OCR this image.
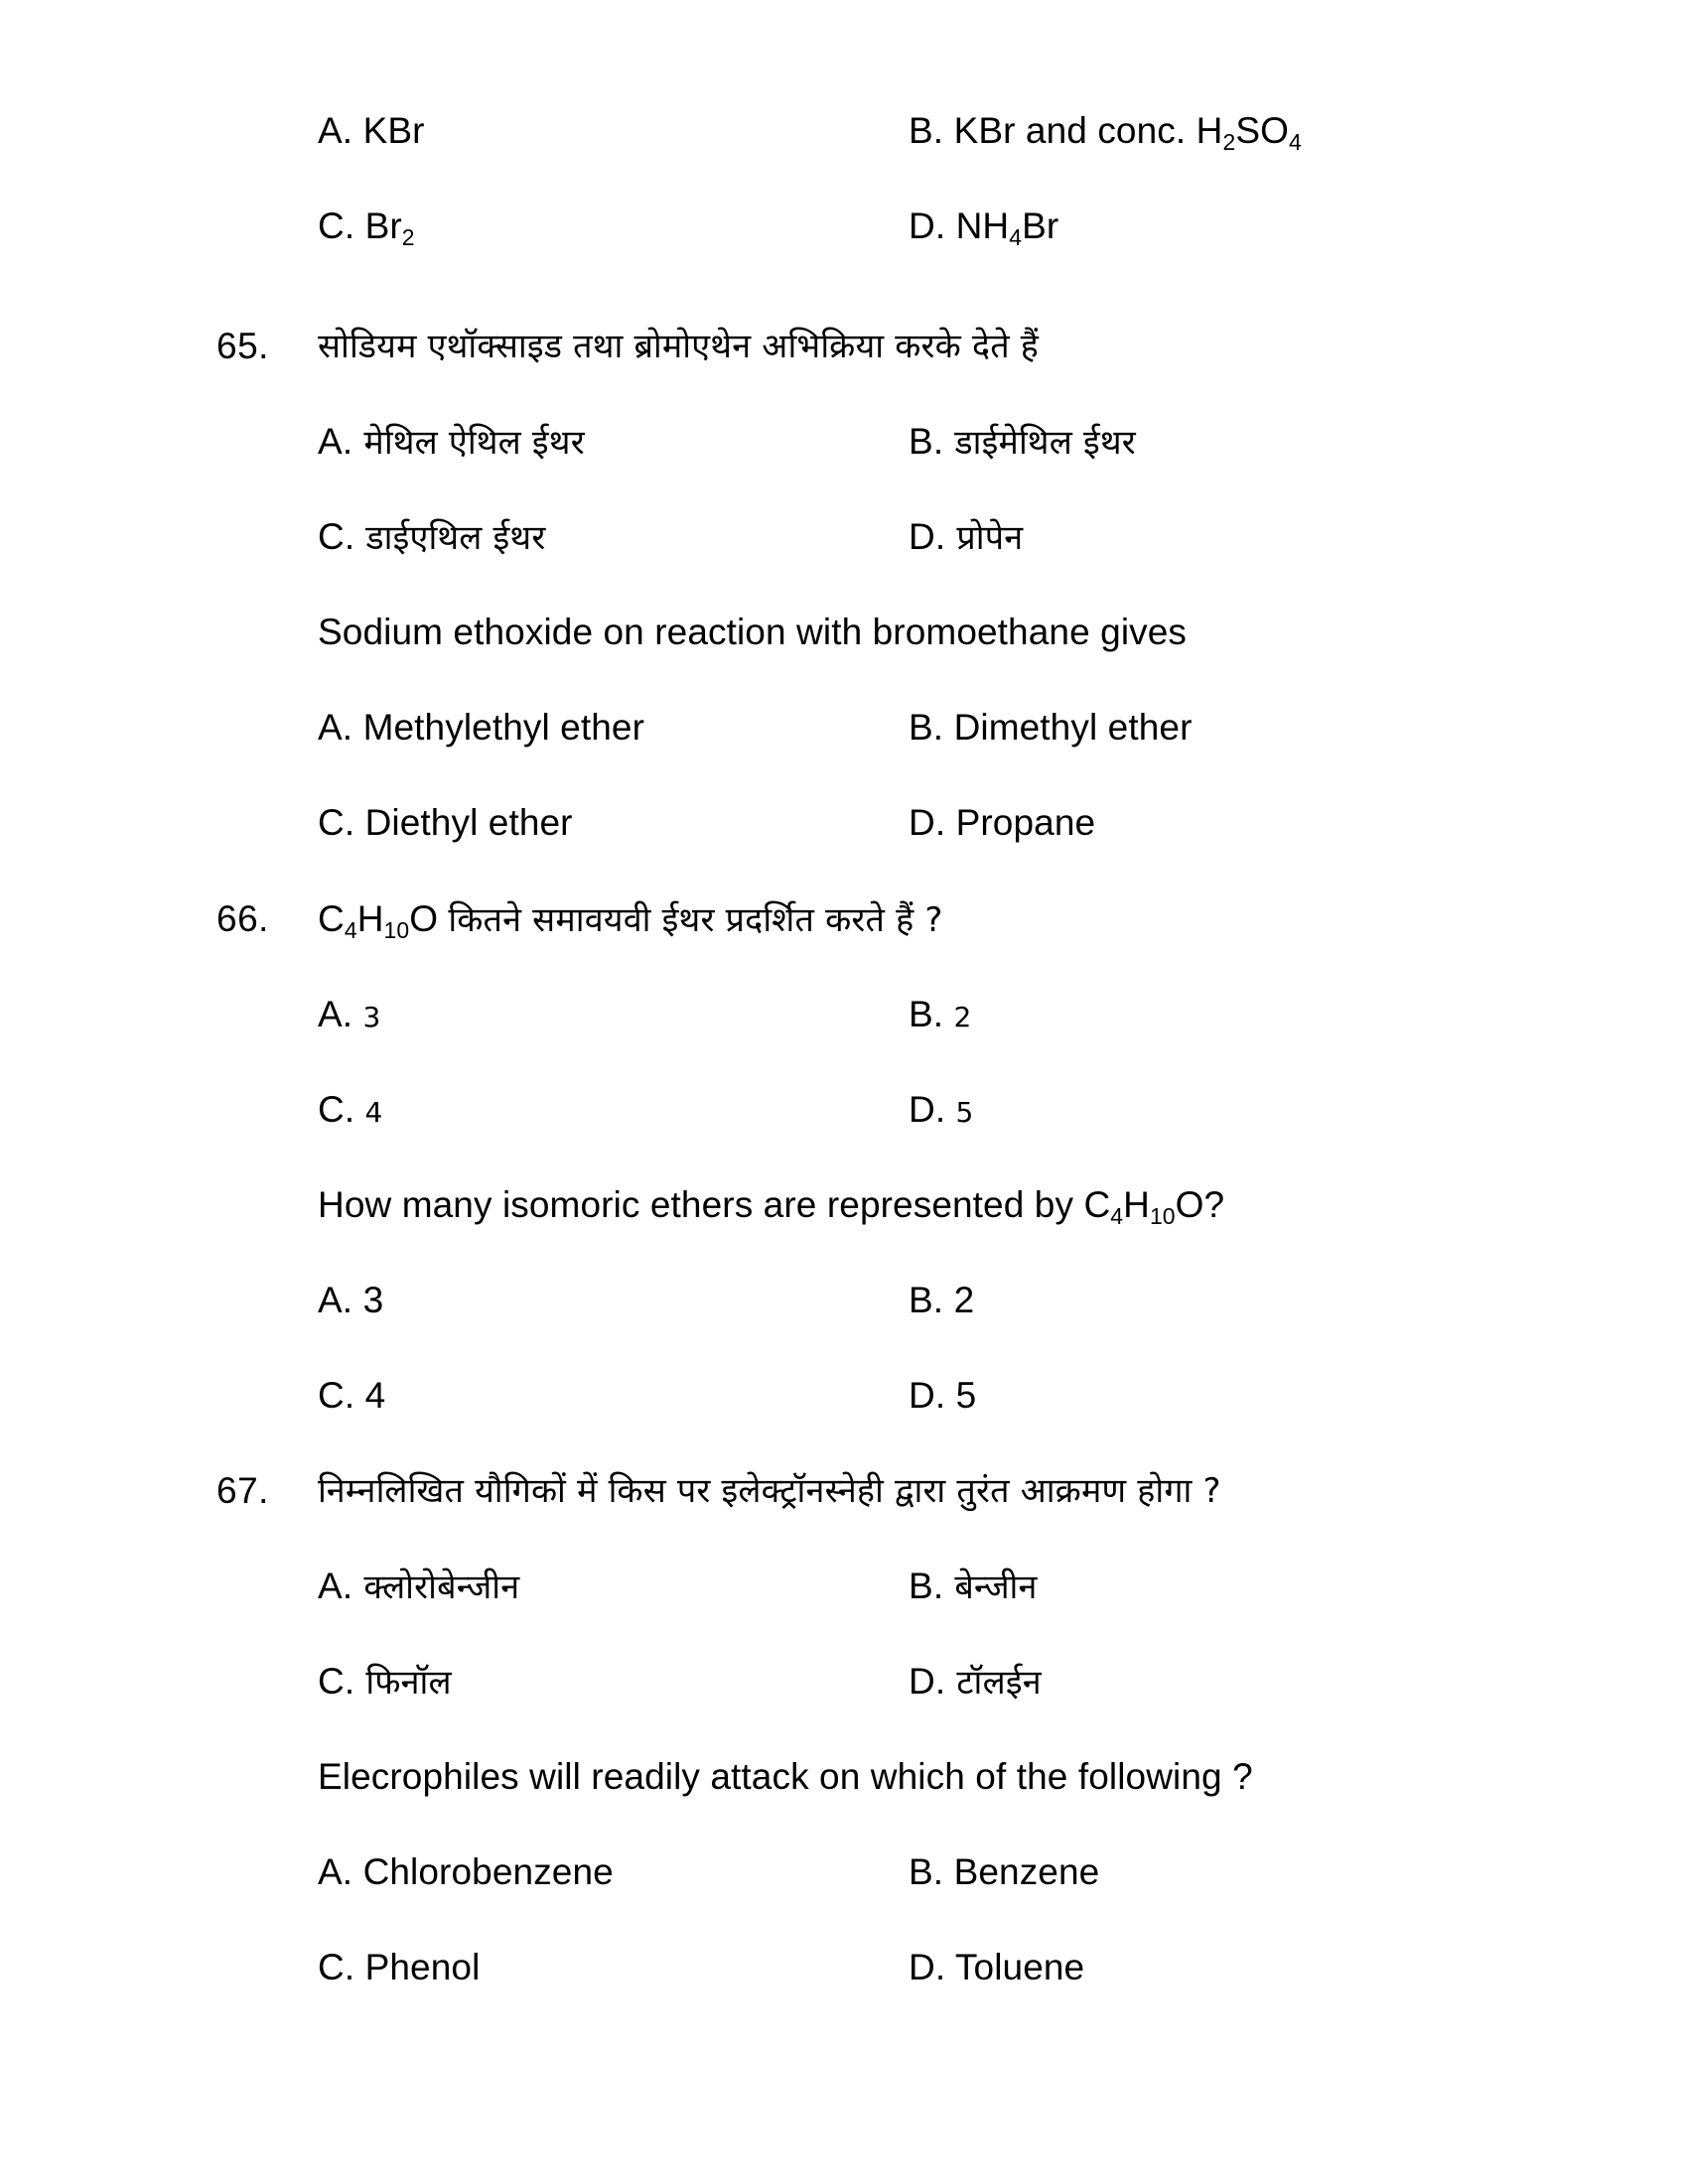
A. KBr	B. KBr and conc. $H_2SO_4$
C. $Br_2$	D. $NH_4Br$
65.	सोडियम एथॉक्साइड तथा ब्रोमोएथेन अभिक्रिया करके देते हैं
A. मेथिल ऐथिल ईथर	B. डाईमेथिल ईथर
C. डाईएथिल ईथर	D. प्रोपेन
Sodium ethoxide on reaction with bromoethane gives
A. Methylethyl ether	B. Dimethyl ether
C. Diethyl ether	D. Propane
66.	$C_4H_{10}O$ कितने समावयवी ईथर प्रदर्शित करते हैं ?
A. 3	B. 2
C. 4	D. 5
How many isomoric ethers are represented by $C_4H_{10}O$?
A. 3	B. 2
C. 4	D. 5
67.	निम्नलिखित यौगिकों में किस पर इलेक्ट्रॉनस्नेही द्वारा तुरंत आक्रमण होगा ?
A. क्लोरोबेन्जीन	B. बेन्जीन
C. फिनॉल	D. टॉलईन
Elecrophiles will readily attack on which of the following ?
A. Chlorobenzene	B. Benzene
C. Phenol	D. Toluene
